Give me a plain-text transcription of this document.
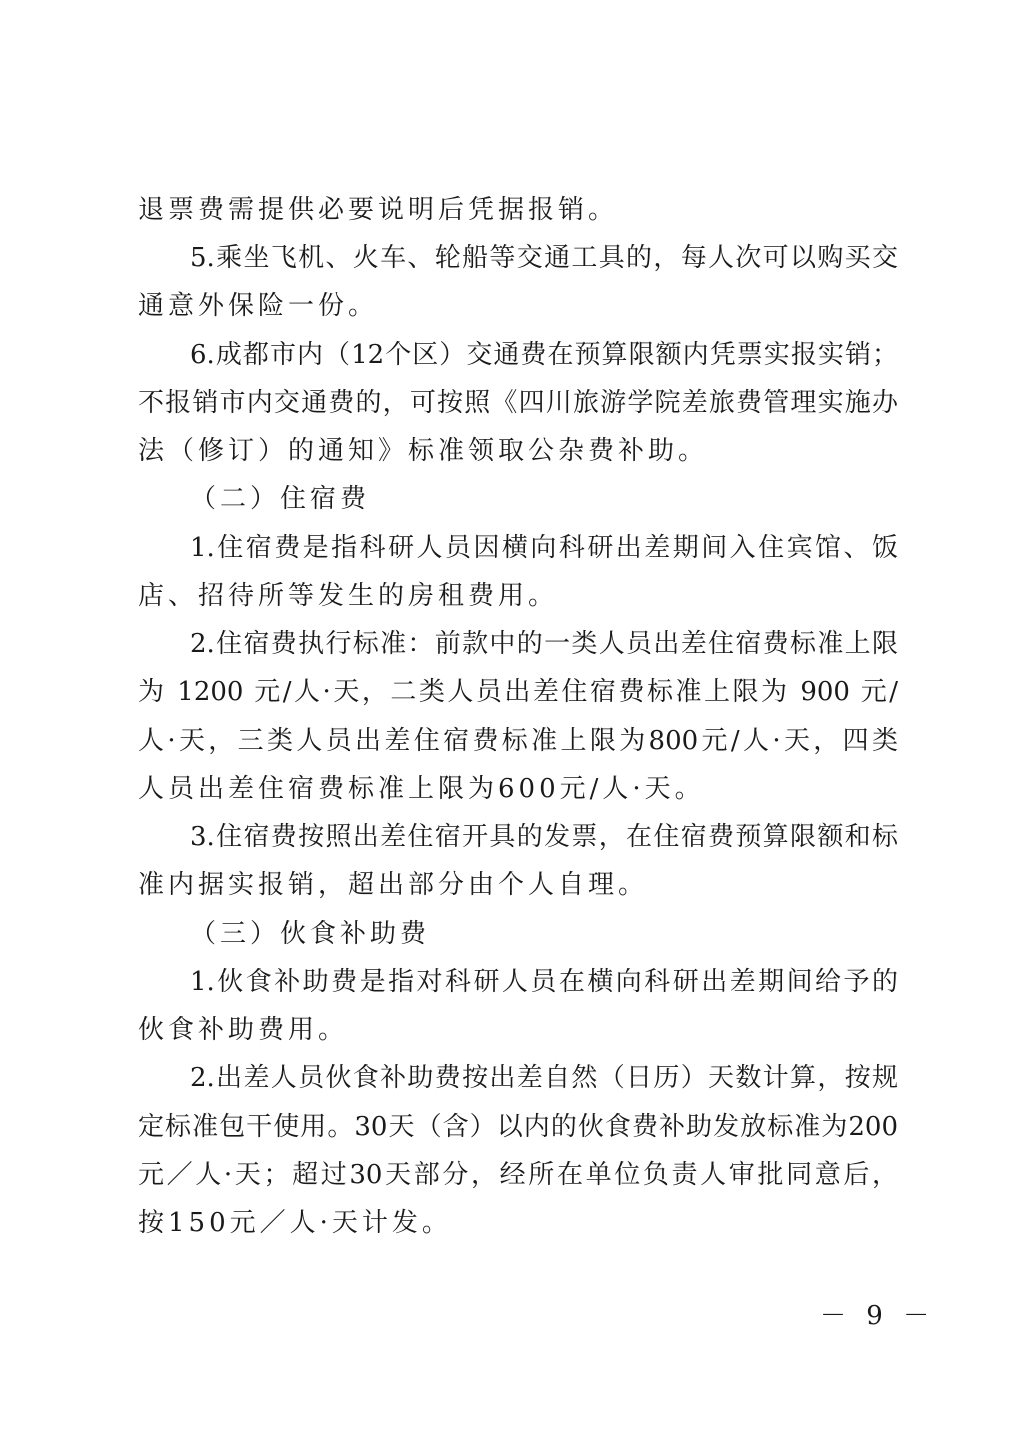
退票费需提供必要说明后凭据报销。
5.乘坐飞机、火车、轮船等交通工具的，每人次可以购买交
通意外保险一份。
6.成都市内（12个区）交通费在预算限额内凭票实报实销；
不报销市内交通费的，可按照《四川旅游学院差旅费管理实施办
法（修订）的通知》标准领取公杂费补助。
（二）住宿费
1.住宿费是指科研人员因横向科研出差期间入住宾馆、饭
店、招待所等发生的房租费用。
2.住宿费执行标准：前款中的一类人员出差住宿费标准上限
为 1200 元/人·天，二类人员出差住宿费标准上限为 900 元/
人·天，三类人员出差住宿费标准上限为800元/人·天，四类
人员出差住宿费标准上限为600元/人·天。
3.住宿费按照出差住宿开具的发票，在住宿费预算限额和标
准内据实报销，超出部分由个人自理。
（三）伙食补助费
1.伙食补助费是指对科研人员在横向科研出差期间给予的
伙食补助费用。
2.出差人员伙食补助费按出差自然（日历）天数计算，按规
定标准包干使用。30天（含）以内的伙食费补助发放标准为200
元／人·天；超过30天部分，经所在单位负责人审批同意后，
按150元／人·天计发。
－ 9 －
